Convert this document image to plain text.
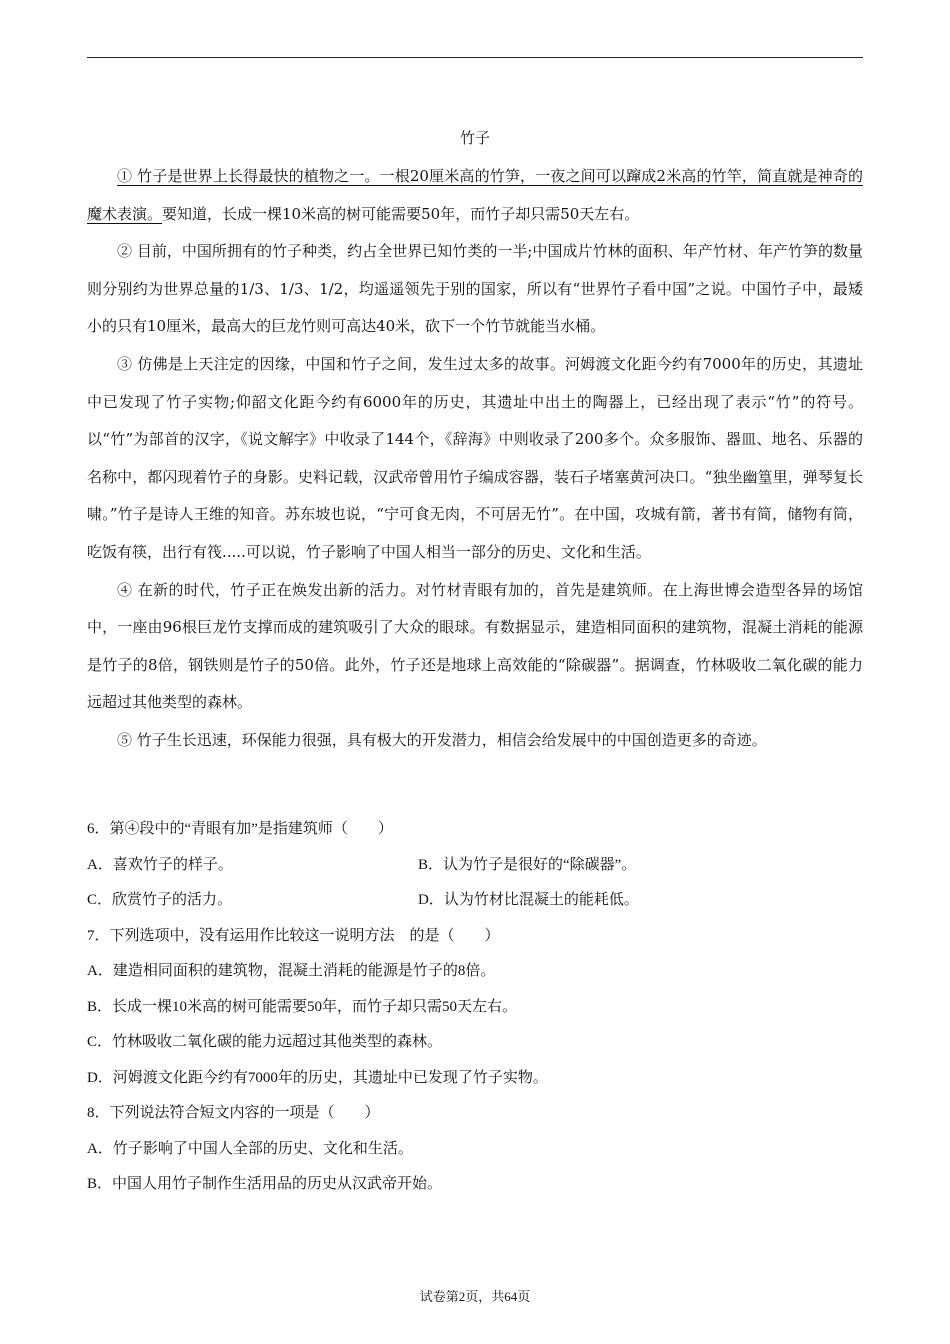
竹子

① 竹子是世界上长得最快的植物之一。一根20厘米高的竹笋，一夜之间可以蹿成2米高的竹竿，简直就是神奇的魔术表演。要知道，长成一棵10米高的树可能需要50年，而竹子却只需50天左右。

② 目前，中国所拥有的竹子种类，约占全世界已知竹类的一半;中国成片竹林的面积、年产竹材、年产竹笋的数量则分别约为世界总量的1/3、1/3、1/2，均遥遥领先于别的国家，所以有“世界竹子看中国”之说。中国竹子中，最矮小的只有10厘米，最高大的巨龙竹则可高达40米，砍下一个竹节就能当水桶。

③ 仿佛是上天注定的因缘，中国和竹子之间，发生过太多的故事。河姆渡文化距今约有7000年的历史，其遗址中已发现了竹子实物;仰韶文化距今约有6000年的历史，其遗址中出土的陶器上，已经出现了表示“竹”的符号。以“竹”为部首的汉字，《说文解字》中收录了144个，《辞海》中则收录了200多个。众多服饰、器皿、地名、乐器的名称中，都闪现着竹子的身影。史料记载，汉武帝曾用竹子编成容器，装石子堵塞黄河决口。“独坐幽篁里，弹琴复长啸。”竹子是诗人王维的知音。苏东坡也说，“宁可食无肉，不可居无竹”。在中国，攻城有箭，著书有简，储物有筒，吃饭有筷，出行有筏.....可以说，竹子影响了中国人相当一部分的历史、文化和生活。

④ 在新的时代，竹子正在焕发出新的活力。对竹材青眼有加的，首先是建筑师。在上海世博会造型各异的场馆中，一座由96根巨龙竹支撑而成的建筑吸引了大众的眼球。有数据显示，建造相同面积的建筑物，混凝土消耗的能源是竹子的8倍，钢铁则是竹子的50倍。此外，竹子还是地球上高效能的“除碳器”。据调查，竹林吸收二氧化碳的能力远超过其他类型的森林。

⑤ 竹子生长迅速，环保能力很强，具有极大的开发潜力，相信会给发展中的中国创造更多的奇迹。

6．第④段中的“青眼有加”是指建筑师（　　）
A．喜欢竹子的样子。	B．认为竹子是很好的“除碳器”。
C．欣赏竹子的活力。	D．认为竹材比混凝土的能耗低。
7．下列选项中，· · 没有运用作比较这一说明方法　的是（　　）
A．建造相同面积的建筑物，混凝土消耗的能源是竹子的8倍。
B．长成一棵10米高的树可能需要50年，而竹子却只需50天左右。
C．竹林吸收二氧化碳的能力远超过其他类型的森林。
D．河姆渡文化距今约有7000年的历史，其遗址中已发现了竹子实物。
8．下列说法· · 符合短文内容的一项是（　　）
A．竹子影响了中国人全部的历史、文化和生活。
B．中国人用竹子制作生活用品的历史从汉武帝开始。
试卷第2页，共64页
